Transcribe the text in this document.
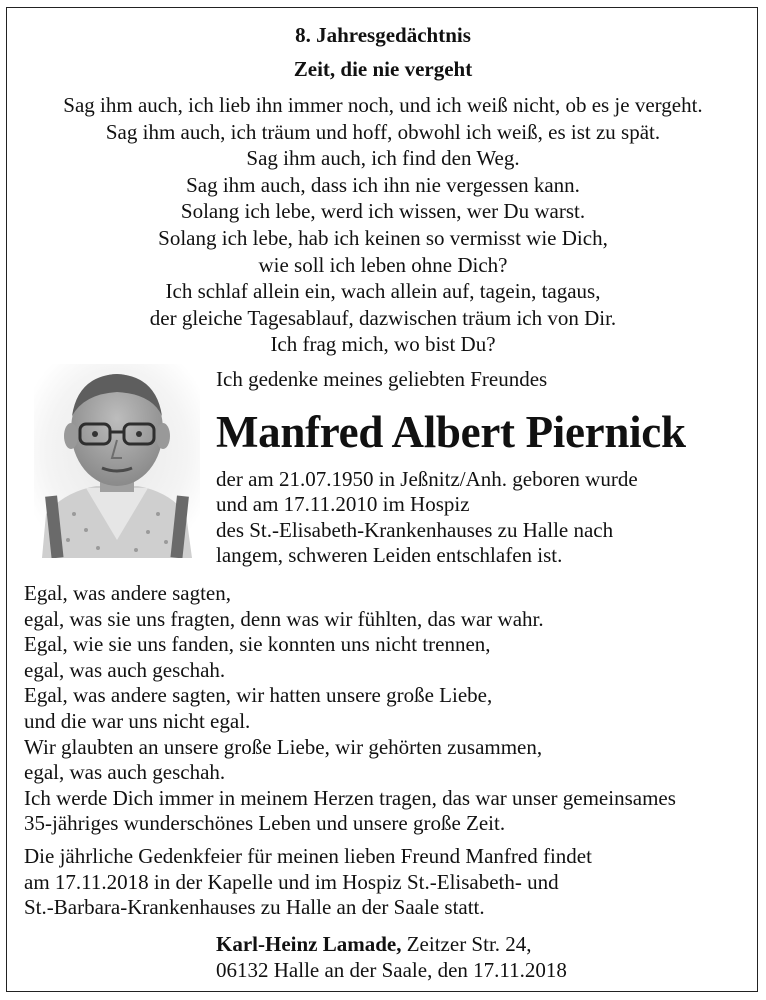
8. Jahresgedächtnis
Zeit, die nie vergeht
Sag ihm auch, ich lieb ihn immer noch, und ich weiß nicht, ob es je vergeht.
Sag ihm auch, ich träum und hoff, obwohl ich weiß, es ist zu spät.
Sag ihm auch, ich find den Weg.
Sag ihm auch, dass ich ihn nie vergessen kann.
Solang ich lebe, werd ich wissen, wer Du warst.
Solang ich lebe, hab ich keinen so vermisst wie Dich,
wie soll ich leben ohne Dich?
Ich schlaf allein ein, wach allein auf, tagein, tagaus,
der gleiche Tagesablauf, dazwischen träum ich von Dir.
Ich frag mich, wo bist Du?
Ich gedenke meines geliebten Freundes
Manfred Albert Piernick
der am 21.07.1950 in Jeßnitz/Anh. geboren wurde
und am 17.11.2010 im Hospiz
des St.-Elisabeth-Krankenhauses zu Halle nach
langem, schweren Leiden entschlafen ist.
Egal, was andere sagten,
egal, was sie uns fragten, denn was wir fühlten, das war wahr.
Egal, wie sie uns fanden, sie konnten uns nicht trennen,
egal, was auch geschah.
Egal, was andere sagten, wir hatten unsere große Liebe,
und die war uns nicht egal.
Wir glaubten an unsere große Liebe, wir gehörten zusammen,
egal, was auch geschah.
Ich werde Dich immer in meinem Herzen tragen, das war unser gemeinsames
35-jähriges wunderschönes Leben und unsere große Zeit.
Die jährliche Gedenkfeier für meinen lieben Freund Manfred findet
am 17.11.2018 in der Kapelle und im Hospiz St.-Elisabeth- und
St.-Barbara-Krankenhauses zu Halle an der Saale statt.
Karl-Heinz Lamade, Zeitzer Str. 24,
06132 Halle an der Saale, den 17.11.2018
